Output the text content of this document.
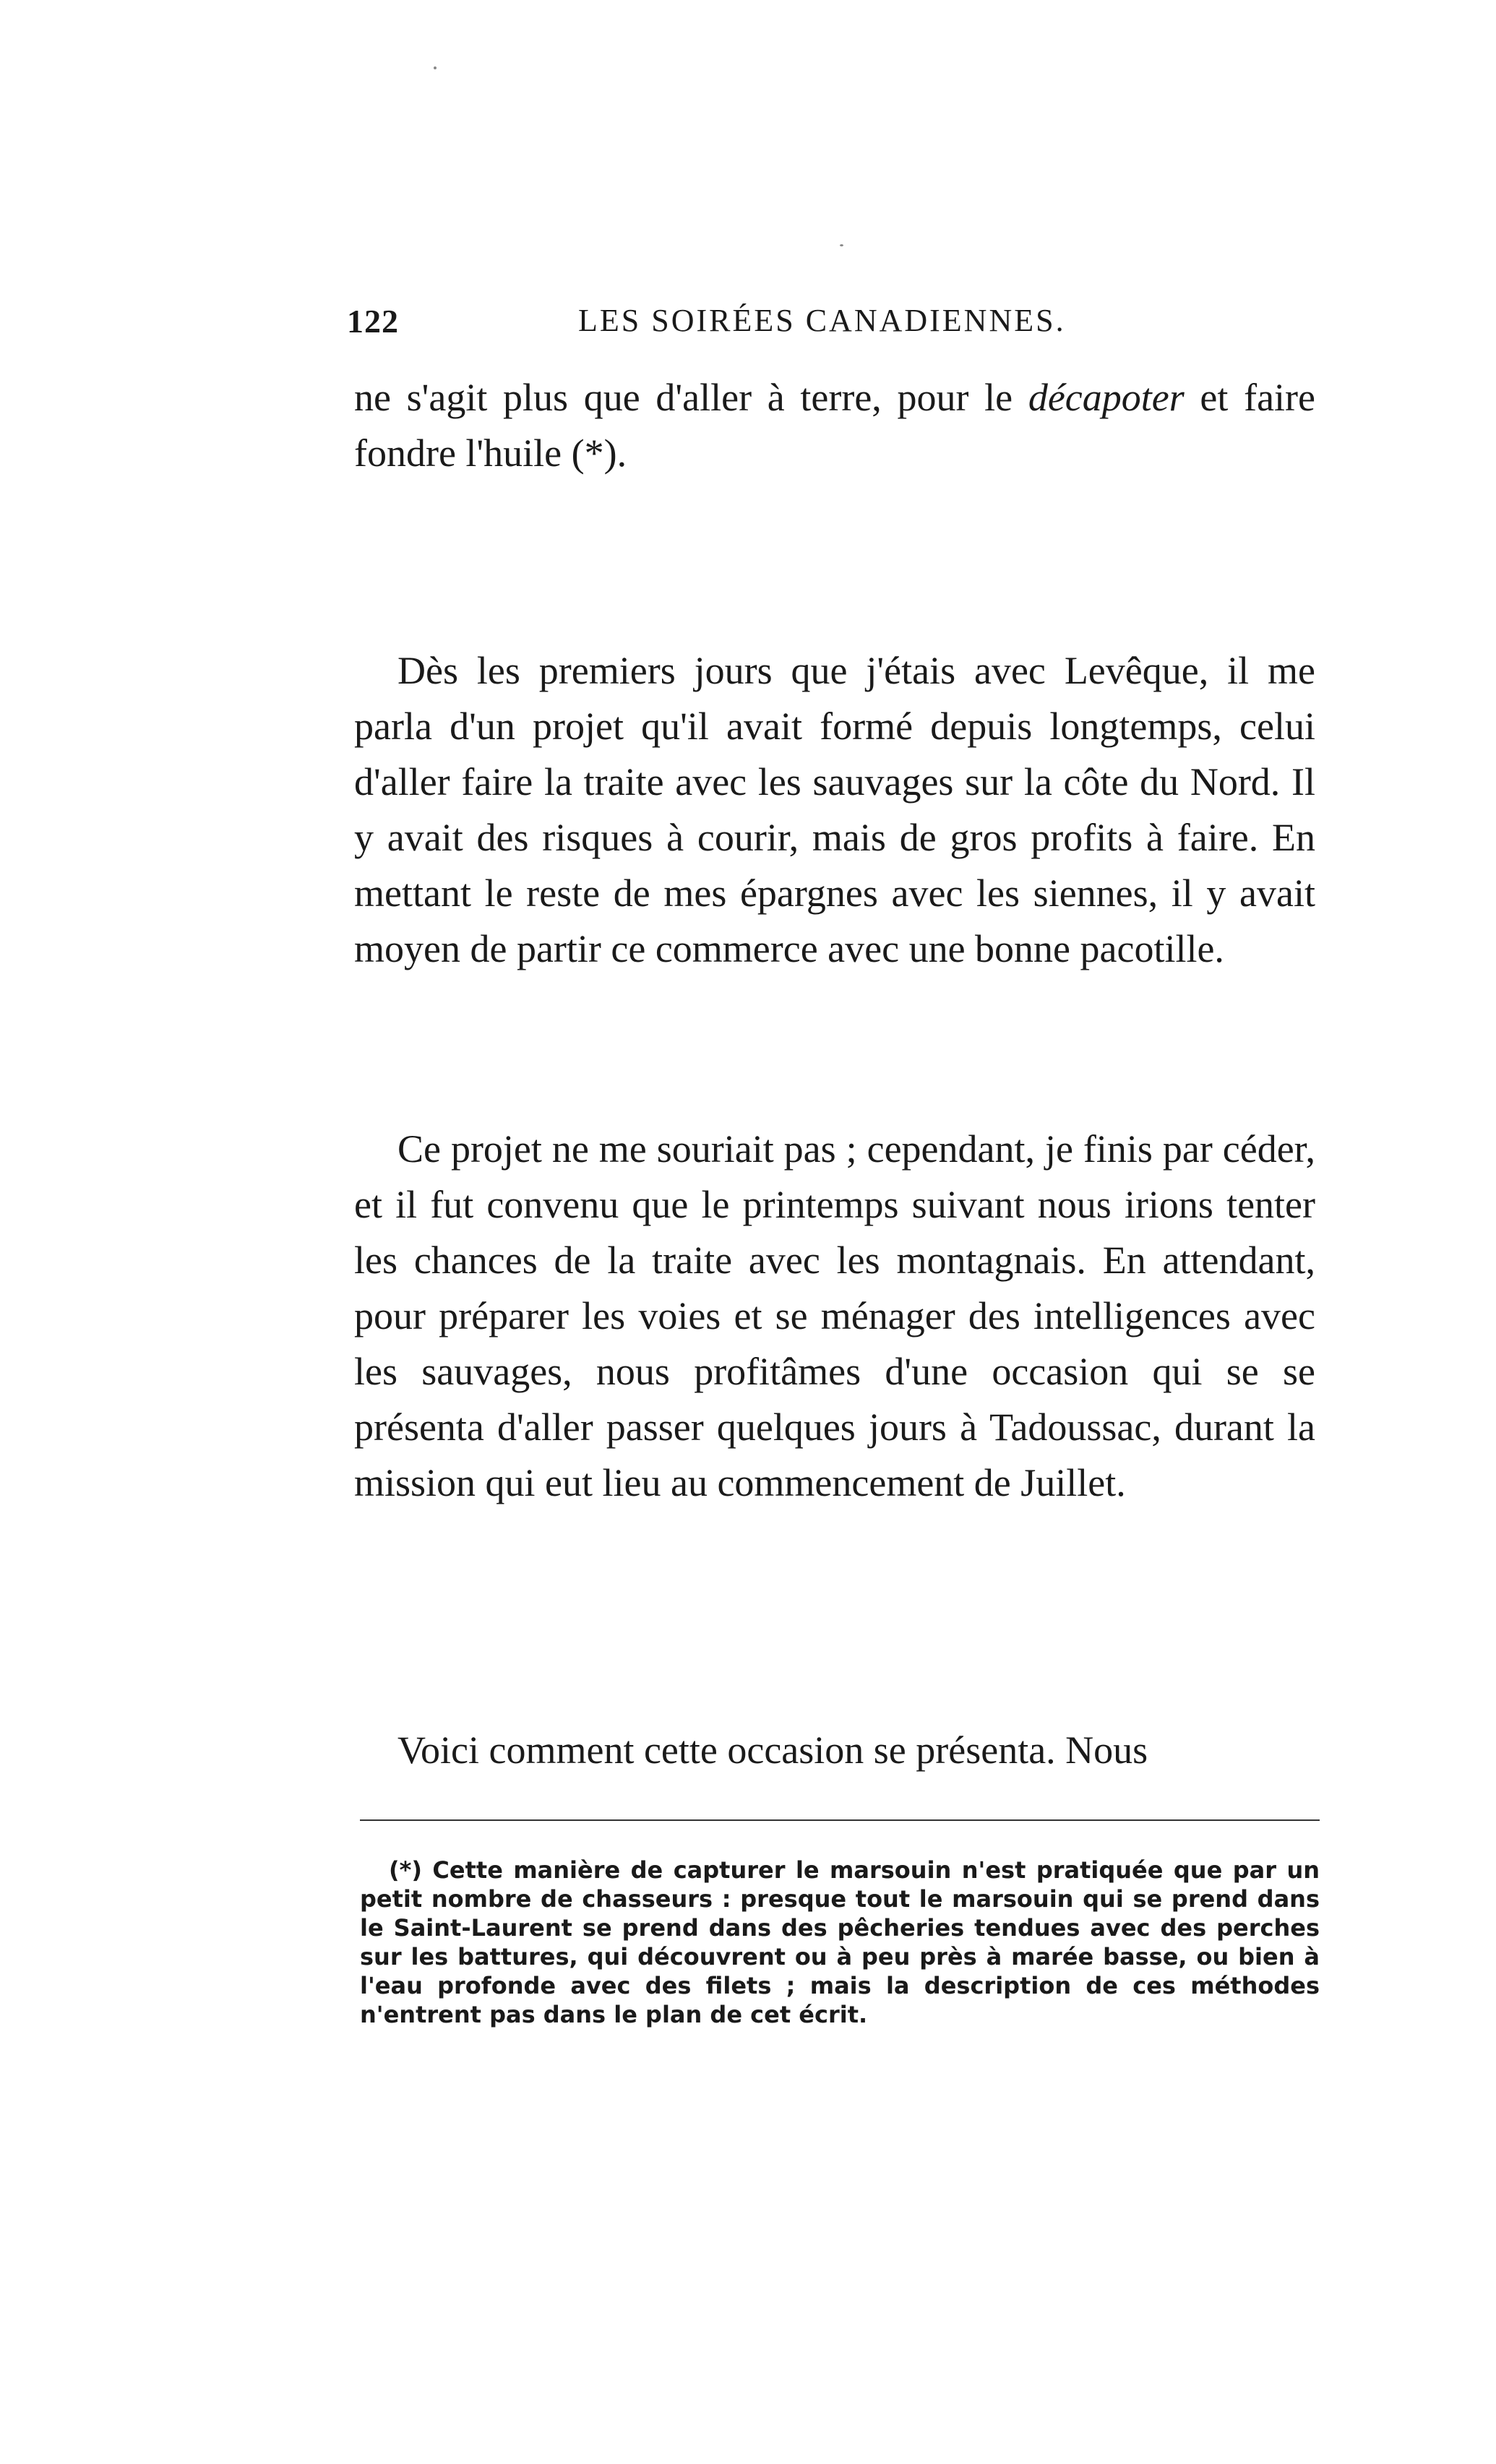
122	LES SOIRÉES CANADIENNES.

ne s'agit plus que d'aller à terre, pour le décapoter et faire fondre l'huile (*).

Dès les premiers jours que j'étais avec Levêque, il me parla d'un projet qu'il avait formé depuis longtemps, celui d'aller faire la traite avec les sauvages sur la côte du Nord. Il y avait des risques à courir, mais de gros profits à faire. En mettant le reste de mes épargnes avec les siennes, il y avait moyen de partir ce commerce avec une bonne pacotille.

Ce projet ne me souriait pas ; cependant, je finis par céder, et il fut convenu que le printemps suivant nous irions tenter les chances de la traite avec les montagnais. En attendant, pour préparer les voies et se ménager des intelligences avec les sauvages, nous profitâmes d'une occasion qui se se présenta d'aller passer quelques jours à Tadoussac, durant la mission qui eut lieu au commencement de Juillet.

Voici comment cette occasion se présenta. Nous

(*) Cette manière de capturer le marsouin n'est pratiquée que par un petit nombre de chasseurs : presque tout le marsouin qui se prend dans le Saint-Laurent se prend dans des pêcheries tendues avec des perches sur les battures, qui découvrent ou à peu près à marée basse, ou bien à l'eau profonde avec des filets ; mais la description de ces méthodes n'entrent pas dans le plan de cet écrit.
